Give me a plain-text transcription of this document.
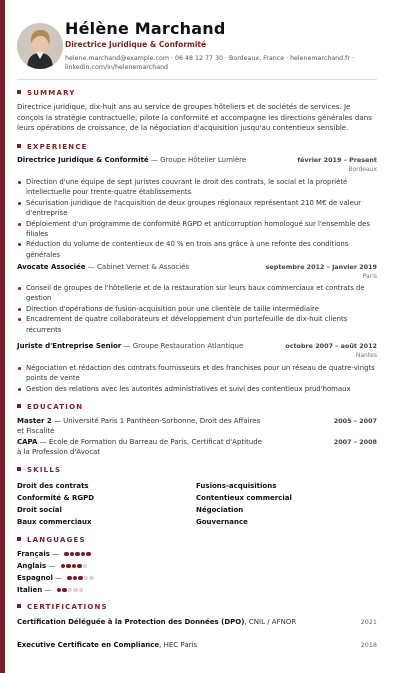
Hélène Marchand
Directrice Juridique & Conformité
helene.marchand@example.com · 06 48 12 77 30 · Bordeaux, France · helenemarchand.fr ·
linkedin.com/in/helenemarchand
SUMMARY
Directrice juridique, dix-huit ans au service de groupes hôteliers et de sociétés de services. Je conçois la stratégie contractuelle, pilote la conformité et accompagne les directions générales dans leurs opérations de croissance, de la négociation d'acquisition jusqu'au contentieux sensible.
EXPERIENCE
Directrice Juridique & Conformité — Groupe Hôtelier Lumière	février 2019 – Present
Bordeaux
Direction d'une équipe de sept juristes couvrant le droit des contrats, le social et la propriété intellectuelle pour trente-quatre établissements
Sécurisation juridique de l'acquisition de deux groupes régionaux représentant 210 M€ de valeur d'entreprise
Déploiement d'un programme de conformité RGPD et anticorruption homologué sur l'ensemble des filiales
Réduction du volume de contentieux de 40 % en trois ans grâce à une refonte des conditions générales
Avocate Associée — Cabinet Vernet & Associés	septembre 2012 – janvier 2019
Paris
Conseil de groupes de l'hôtellerie et de la restauration sur leurs baux commerciaux et contrats de gestion
Direction d'opérations de fusion-acquisition pour une clientèle de taille intermédiaire
Encadrement de quatre collaborateurs et développement d'un portefeuille de dix-huit clients récurrents
Juriste d'Entreprise Senior — Groupe Restauration Atlantique	octobre 2007 – août 2012
Nantes
Négociation et rédaction des contrats fournisseurs et des franchises pour un réseau de quatre-vingts points de vente
Gestion des relations avec les autorités administratives et suivi des contentieux prud'homaux
EDUCATION
Master 2 — Université Paris 1 Panthéon-Sorbonne, Droit des Affaires et Fiscalité
2005 – 2007
CAPA — École de Formation du Barreau de Paris, Certificat d'Aptitude à la Profession d'Avocat
2007 – 2008
SKILLS
Droit des contrats	Fusions-acquisitions
Conformité & RGPD	Contentieux commercial
Droit social	Négociation
Baux commerciaux	Gouvernance
LANGUAGES
Français —
Anglais —
Espagnol —
Italien —
CERTIFICATIONS
Certification Déléguée à la Protection des Données (DPO), CNIL / AFNOR	2021
Executive Certificate en Compliance, HEC Paris	2018
